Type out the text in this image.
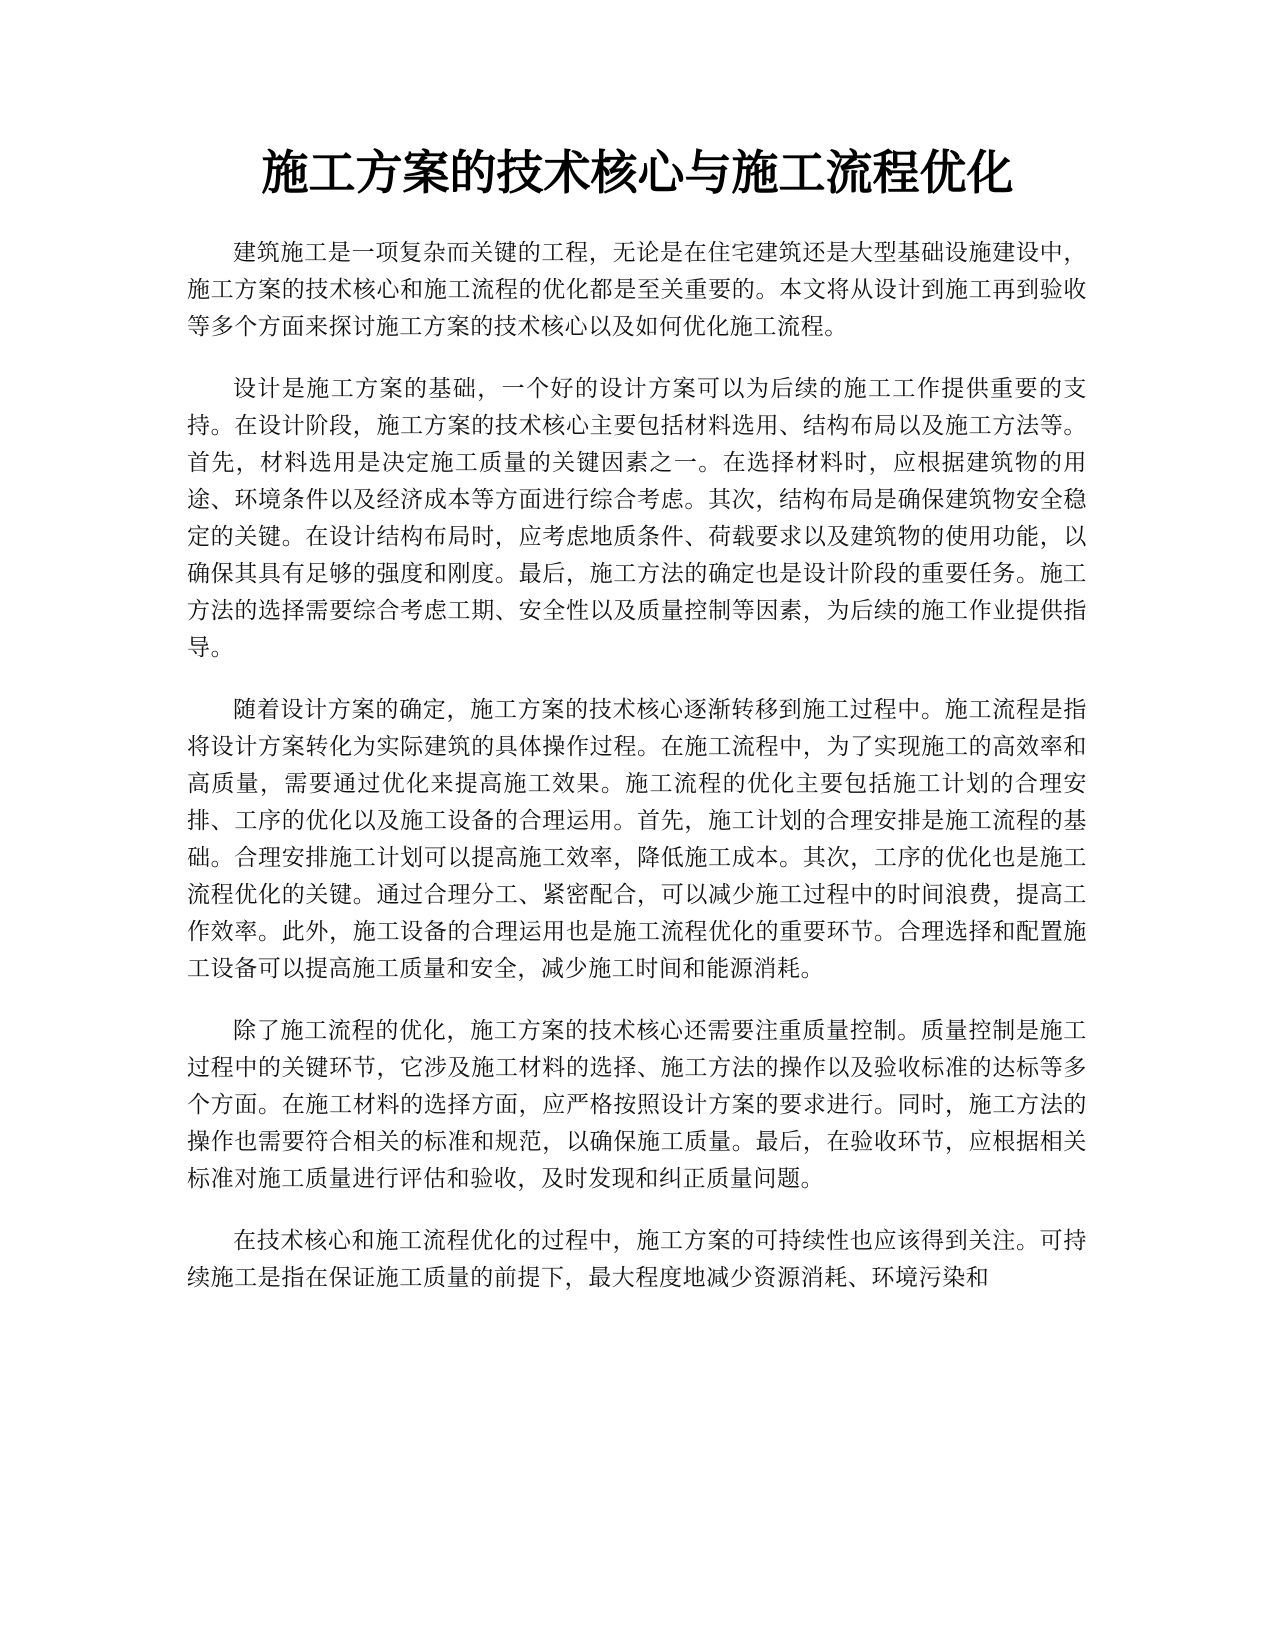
施工方案的技术核心与施工流程优化

建筑施工是一项复杂而关键的工程，无论是在住宅建筑还是大型基础设施建设中，施工方案的技术核心和施工流程的优化都是至关重要的。本文将从设计到施工再到验收等多个方面来探讨施工方案的技术核心以及如何优化施工流程。

设计是施工方案的基础，一个好的设计方案可以为后续的施工工作提供重要的支持。在设计阶段，施工方案的技术核心主要包括材料选用、结构布局以及施工方法等。首先，材料选用是决定施工质量的关键因素之一。在选择材料时，应根据建筑物的用途、环境条件以及经济成本等方面进行综合考虑。其次，结构布局是确保建筑物安全稳定的关键。在设计结构布局时，应考虑地质条件、荷载要求以及建筑物的使用功能，以确保其具有足够的强度和刚度。最后，施工方法的确定也是设计阶段的重要任务。施工方法的选择需要综合考虑工期、安全性以及质量控制等因素，为后续的施工作业提供指导。

随着设计方案的确定，施工方案的技术核心逐渐转移到施工过程中。施工流程是指将设计方案转化为实际建筑的具体操作过程。在施工流程中，为了实现施工的高效率和高质量，需要通过优化来提高施工效果。施工流程的优化主要包括施工计划的合理安排、工序的优化以及施工设备的合理运用。首先，施工计划的合理安排是施工流程的基础。合理安排施工计划可以提高施工效率，降低施工成本。其次，工序的优化也是施工流程优化的关键。通过合理分工、紧密配合，可以减少施工过程中的时间浪费，提高工作效率。此外，施工设备的合理运用也是施工流程优化的重要环节。合理选择和配置施工设备可以提高施工质量和安全，减少施工时间和能源消耗。

除了施工流程的优化，施工方案的技术核心还需要注重质量控制。质量控制是施工过程中的关键环节，它涉及施工材料的选择、施工方法的操作以及验收标准的达标等多个方面。在施工材料的选择方面，应严格按照设计方案的要求进行。同时，施工方法的操作也需要符合相关的标准和规范，以确保施工质量。最后，在验收环节，应根据相关标准对施工质量进行评估和验收，及时发现和纠正质量问题。

在技术核心和施工流程优化的过程中，施工方案的可持续性也应该得到关注。可持续施工是指在保证施工质量的前提下，最大程度地减少资源消耗、环境污染和
